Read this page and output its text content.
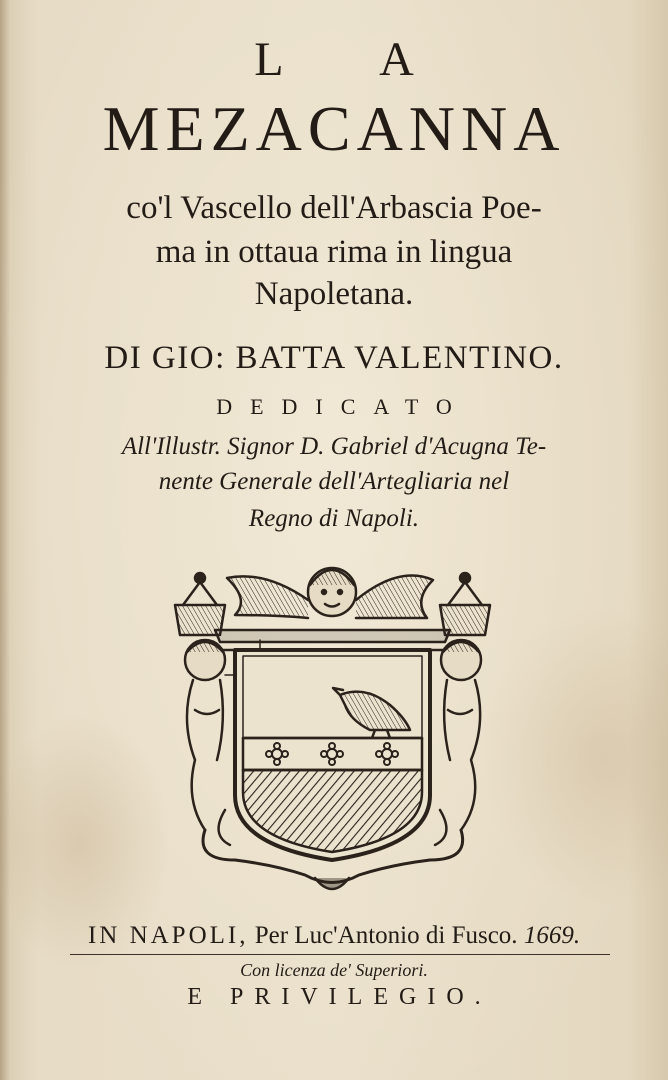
L A

MEZACANNA

co'l Vascello dell'Arbascia Poe-

ma in ottaua rima in lingua

Napoletana.

DI GIO: BATTA VALENTINO.

DEDICATO

All'Illustr. Signor D. Gabriel d'Acugna Te-

nente Generale dell'Artegliaria nel

Regno di Napoli.

IN NAPOLI, Per Luc'Antonio di Fusco. 1669.

Con licenza de' Superiori.

E PRIVILEGIO.
